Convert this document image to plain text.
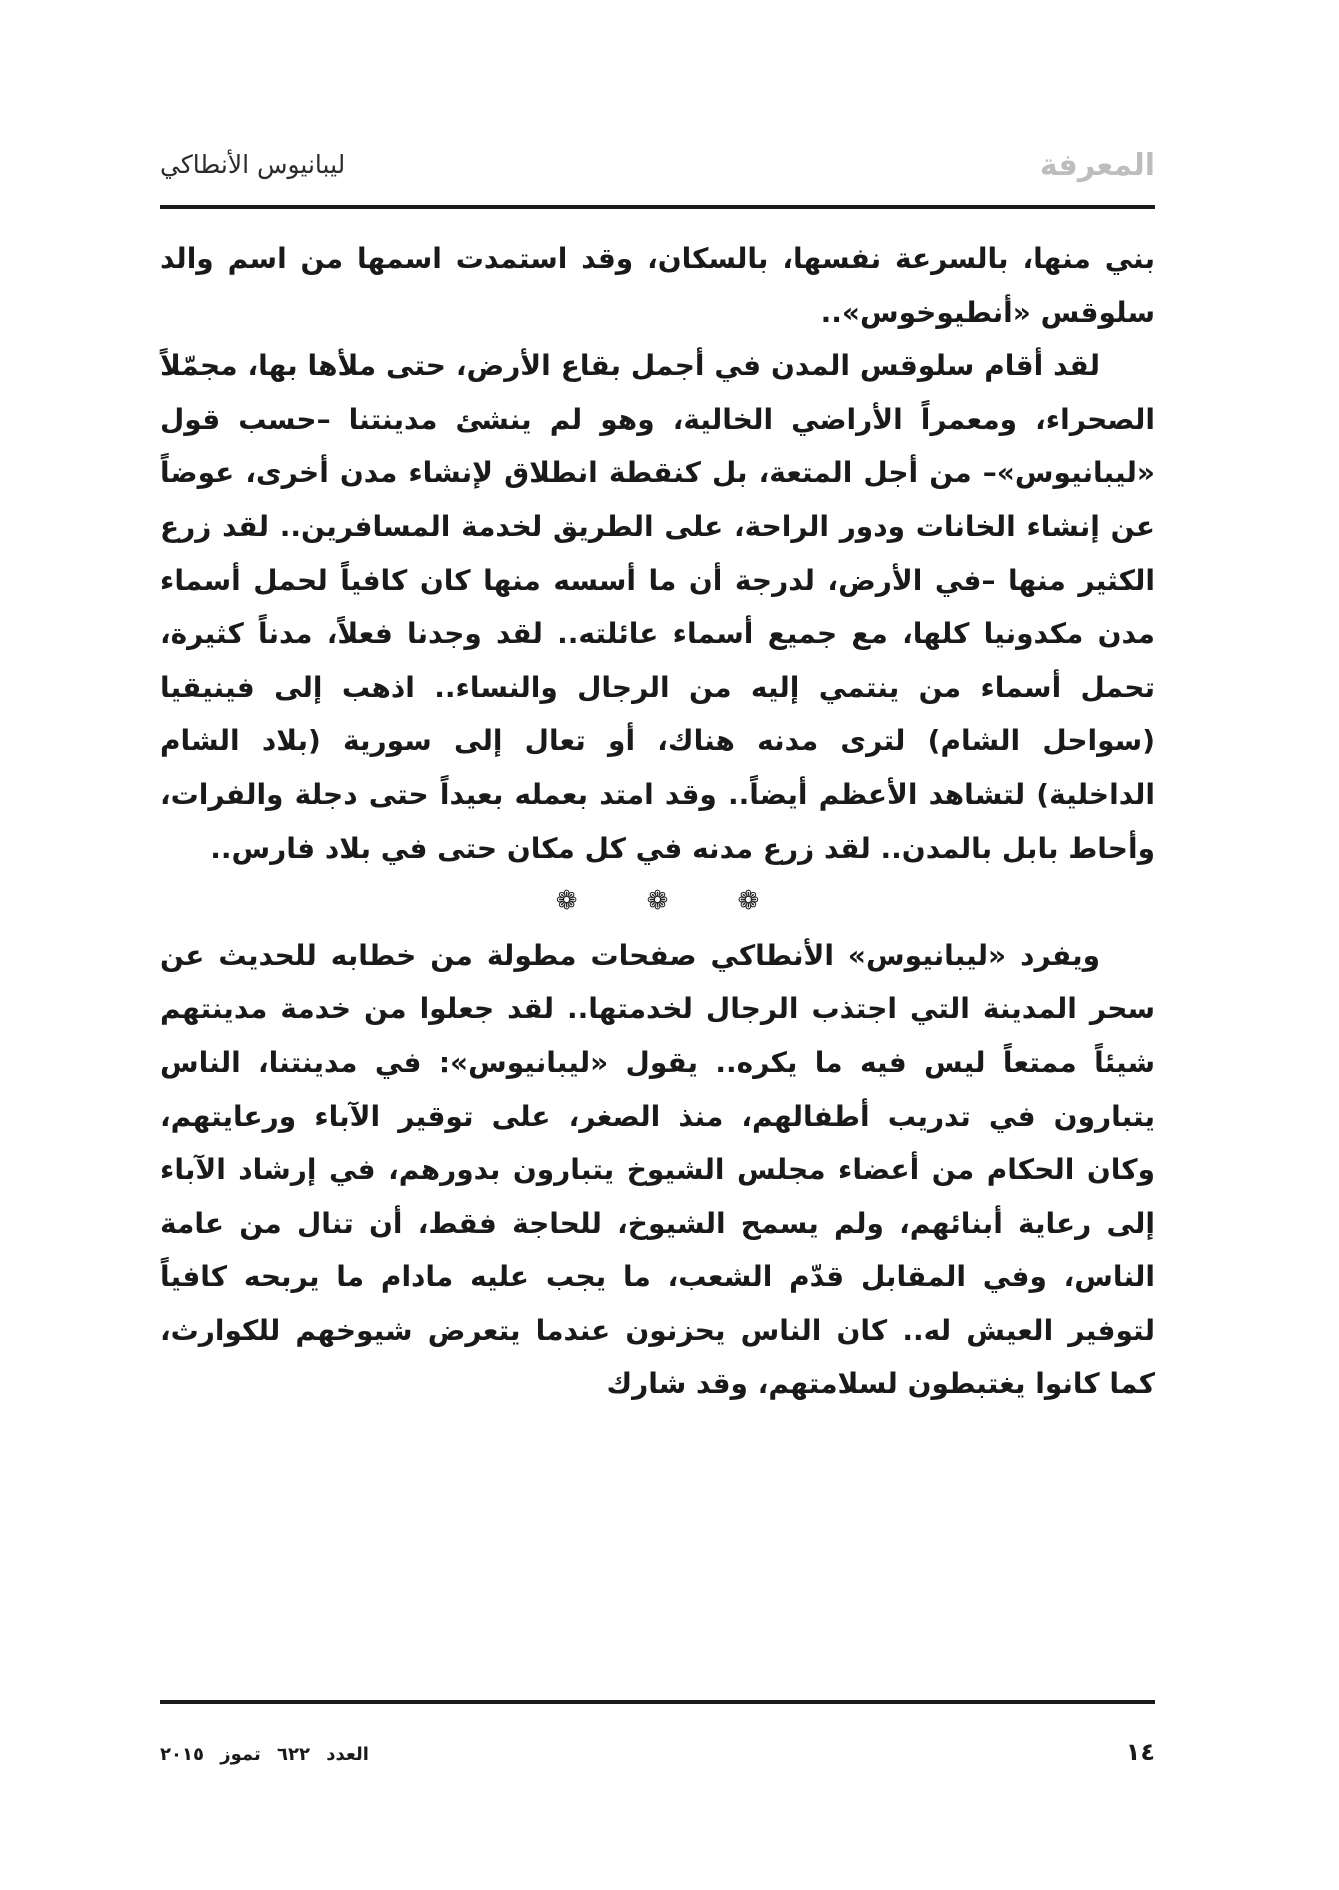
ليبانيوس الأنطاكي	المعرفة

بني منها، بالسرعة نفسها، بالسكان، وقد استمدت اسمها من اسم والد سلوقس «أنطيوخوس»..

لقد أقام سلوقس المدن في أجمل بقاع الأرض، حتى ملأها بها، مجمّلاً الصحراء، ومعمراً الأراضي الخالية، وهو لم ينشئ مدينتنا –حسب قول «ليبانيوس»– من أجل المتعة، بل كنقطة انطلاق لإنشاء مدن أخرى، عوضاً عن إنشاء الخانات ودور الراحة، على الطريق لخدمة المسافرين.. لقد زرع الكثير منها –في الأرض، لدرجة أن ما أسسه منها كان كافياً لحمل أسماء مدن مكدونيا كلها، مع جميع أسماء عائلته.. لقد وجدنا فعلاً، مدناً كثيرة، تحمل أسماء من ينتمي إليه من الرجال والنساء.. اذهب إلى فينيقيا (سواحل الشام) لترى مدنه هناك، أو تعال إلى سورية (بلاد الشام الداخلية) لتشاهد الأعظم أيضاً.. وقد امتد بعمله بعيداً حتى دجلة والفرات، وأحاط بابل بالمدن.. لقد زرع مدنه في كل مكان حتى في بلاد فارس..

❁	❁	❁

ويفرد «ليبانيوس» الأنطاكي صفحات مطولة من خطابه للحديث عن سحر المدينة التي اجتذب الرجال لخدمتها.. لقد جعلوا من خدمة مدينتهم شيئاً ممتعاً ليس فيه ما يكره.. يقول «ليبانيوس»: في مدينتنا، الناس يتبارون في تدريب أطفالهم، منذ الصغر، على توقير الآباء ورعايتهم، وكان الحكام من أعضاء مجلس الشيوخ يتبارون بدورهم، في إرشاد الآباء إلى رعاية أبنائهم، ولم يسمح الشيوخ، للحاجة فقط، أن تنال من عامة الناس، وفي المقابل قدّم الشعب، ما يجب عليه مادام ما يربحه كافياً لتوفير العيش له.. كان الناس يحزنون عندما يتعرض شيوخهم للكوارث، كما كانوا يغتبطون لسلامتهم، وقد شارك

العدد ٦٢٢ تموز ٢٠١٥	١٤
